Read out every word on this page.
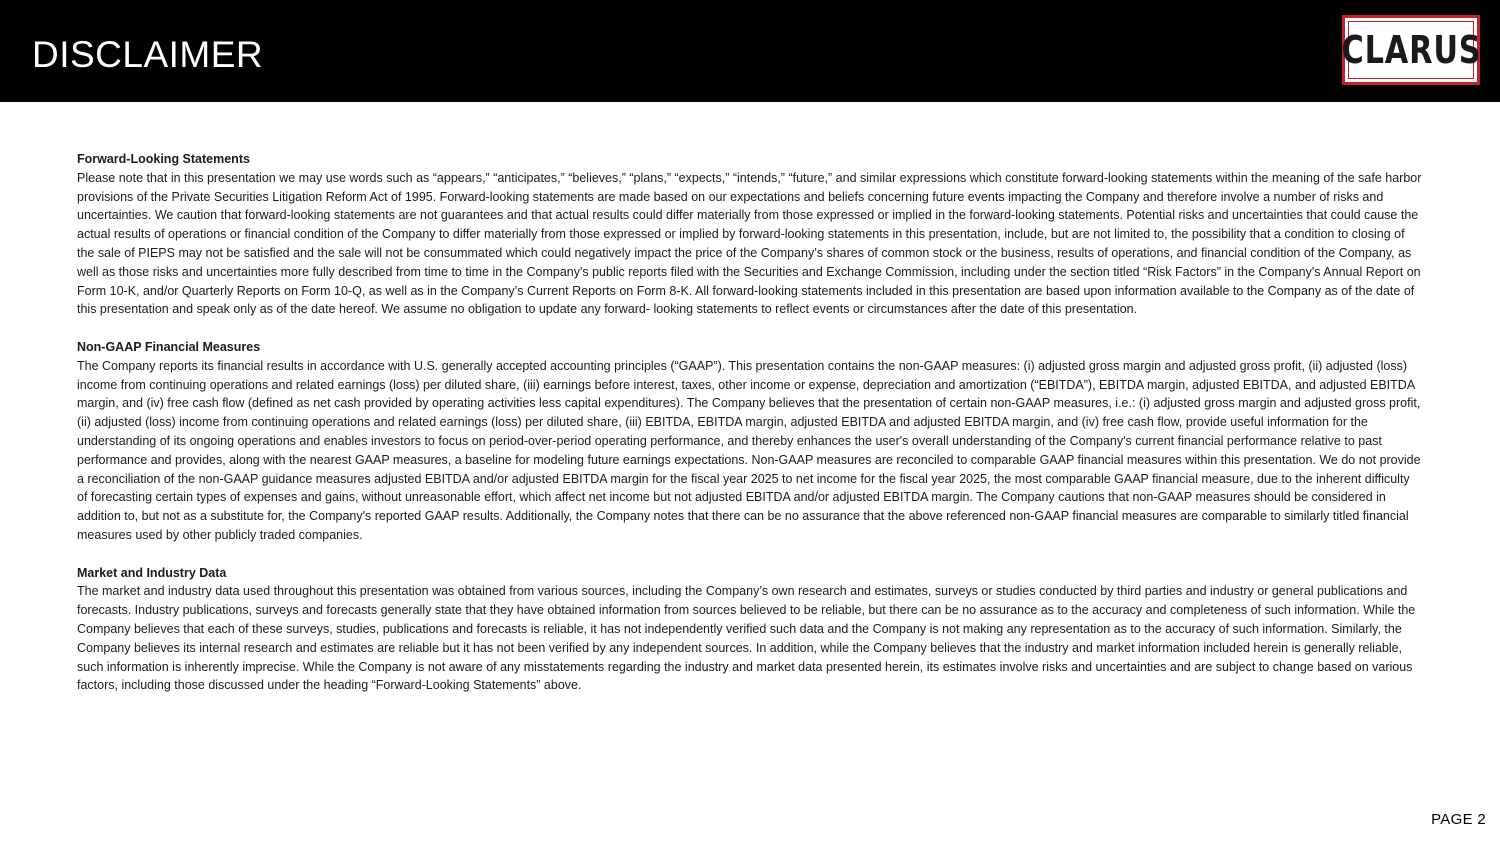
DISCLAIMER	CLARUS

Forward-Looking Statements

Please note that in this presentation we may use words such as “appears,” “anticipates,” “believes,” “plans,” “expects,” “intends,” “future,” and similar expressions which constitute forward-looking statements within the meaning of the safe harbor provisions of the Private Securities Litigation Reform Act of 1995. Forward-looking statements are made based on our expectations and beliefs concerning future events impacting the Company and therefore involve a number of risks and uncertainties. We caution that forward-looking statements are not guarantees and that actual results could differ materially from those expressed or implied in the forward-looking statements. Potential risks and uncertainties that could cause the actual results of operations or financial condition of the Company to differ materially from those expressed or implied by forward-looking statements in this presentation, include, but are not limited to, the possibility that a condition to closing of the sale of PIEPS may not be satisfied and the sale will not be consummated which could negatively impact the price of the Company’s shares of common stock or the business, results of operations, and financial condition of the Company, as well as those risks and uncertainties more fully described from time to time in the Company's public reports filed with the Securities and Exchange Commission, including under the section titled “Risk Factors” in the Company's Annual Report on Form 10-K, and/or Quarterly Reports on Form 10-Q, as well as in the Company’s Current Reports on Form 8-K. All forward-looking statements included in this presentation are based upon information available to the Company as of the date of this presentation and speak only as of the date hereof. We assume no obligation to update any forward- looking statements to reflect events or circumstances after the date of this presentation.

Non-GAAP Financial Measures

The Company reports its financial results in accordance with U.S. generally accepted accounting principles (“GAAP”). This presentation contains the non-GAAP measures: (i) adjusted gross margin and adjusted gross profit, (ii) adjusted (loss) income from continuing operations and related earnings (loss) per diluted share, (iii) earnings before interest, taxes, other income or expense, depreciation and amortization (“EBITDA”), EBITDA margin, adjusted EBITDA, and adjusted EBITDA margin, and (iv) free cash flow (defined as net cash provided by operating activities less capital expenditures). The Company believes that the presentation of certain non-GAAP measures, i.e.: (i) adjusted gross margin and adjusted gross profit, (ii) adjusted (loss) income from continuing operations and related earnings (loss) per diluted share, (iii) EBITDA, EBITDA margin, adjusted EBITDA and adjusted EBITDA margin, and (iv) free cash flow, provide useful information for the understanding of its ongoing operations and enables investors to focus on period-over-period operating performance, and thereby enhances the user's overall understanding of the Company's current financial performance relative to past performance and provides, along with the nearest GAAP measures, a baseline for modeling future earnings expectations. Non-GAAP measures are reconciled to comparable GAAP financial measures within this presentation. We do not provide a reconciliation of the non-GAAP guidance measures adjusted EBITDA and/or adjusted EBITDA margin for the fiscal year 2025 to net income for the fiscal year 2025, the most comparable GAAP financial measure, due to the inherent difficulty of forecasting certain types of expenses and gains, without unreasonable effort, which affect net income but not adjusted EBITDA and/or adjusted EBITDA margin. The Company cautions that non-GAAP measures should be considered in addition to, but not as a substitute for, the Company's reported GAAP results. Additionally, the Company notes that there can be no assurance that the above referenced non-GAAP financial measures are comparable to similarly titled financial measures used by other publicly traded companies.

Market and Industry Data

The market and industry data used throughout this presentation was obtained from various sources, including the Company’s own research and estimates, surveys or studies conducted by third parties and industry or general publications and forecasts. Industry publications, surveys and forecasts generally state that they have obtained information from sources believed to be reliable, but there can be no assurance as to the accuracy and completeness of such information. While the Company believes that each of these surveys, studies, publications and forecasts is reliable, it has not independently verified such data and the Company is not making any representation as to the accuracy of such information. Similarly, the Company believes its internal research and estimates are reliable but it has not been verified by any independent sources. In addition, while the Company believes that the industry and market information included herein is generally reliable, such information is inherently imprecise. While the Company is not aware of any misstatements regarding the industry and market data presented herein, its estimates involve risks and uncertainties and are subject to change based on various factors, including those discussed under the heading “Forward-Looking Statements” above.

PAGE 2
